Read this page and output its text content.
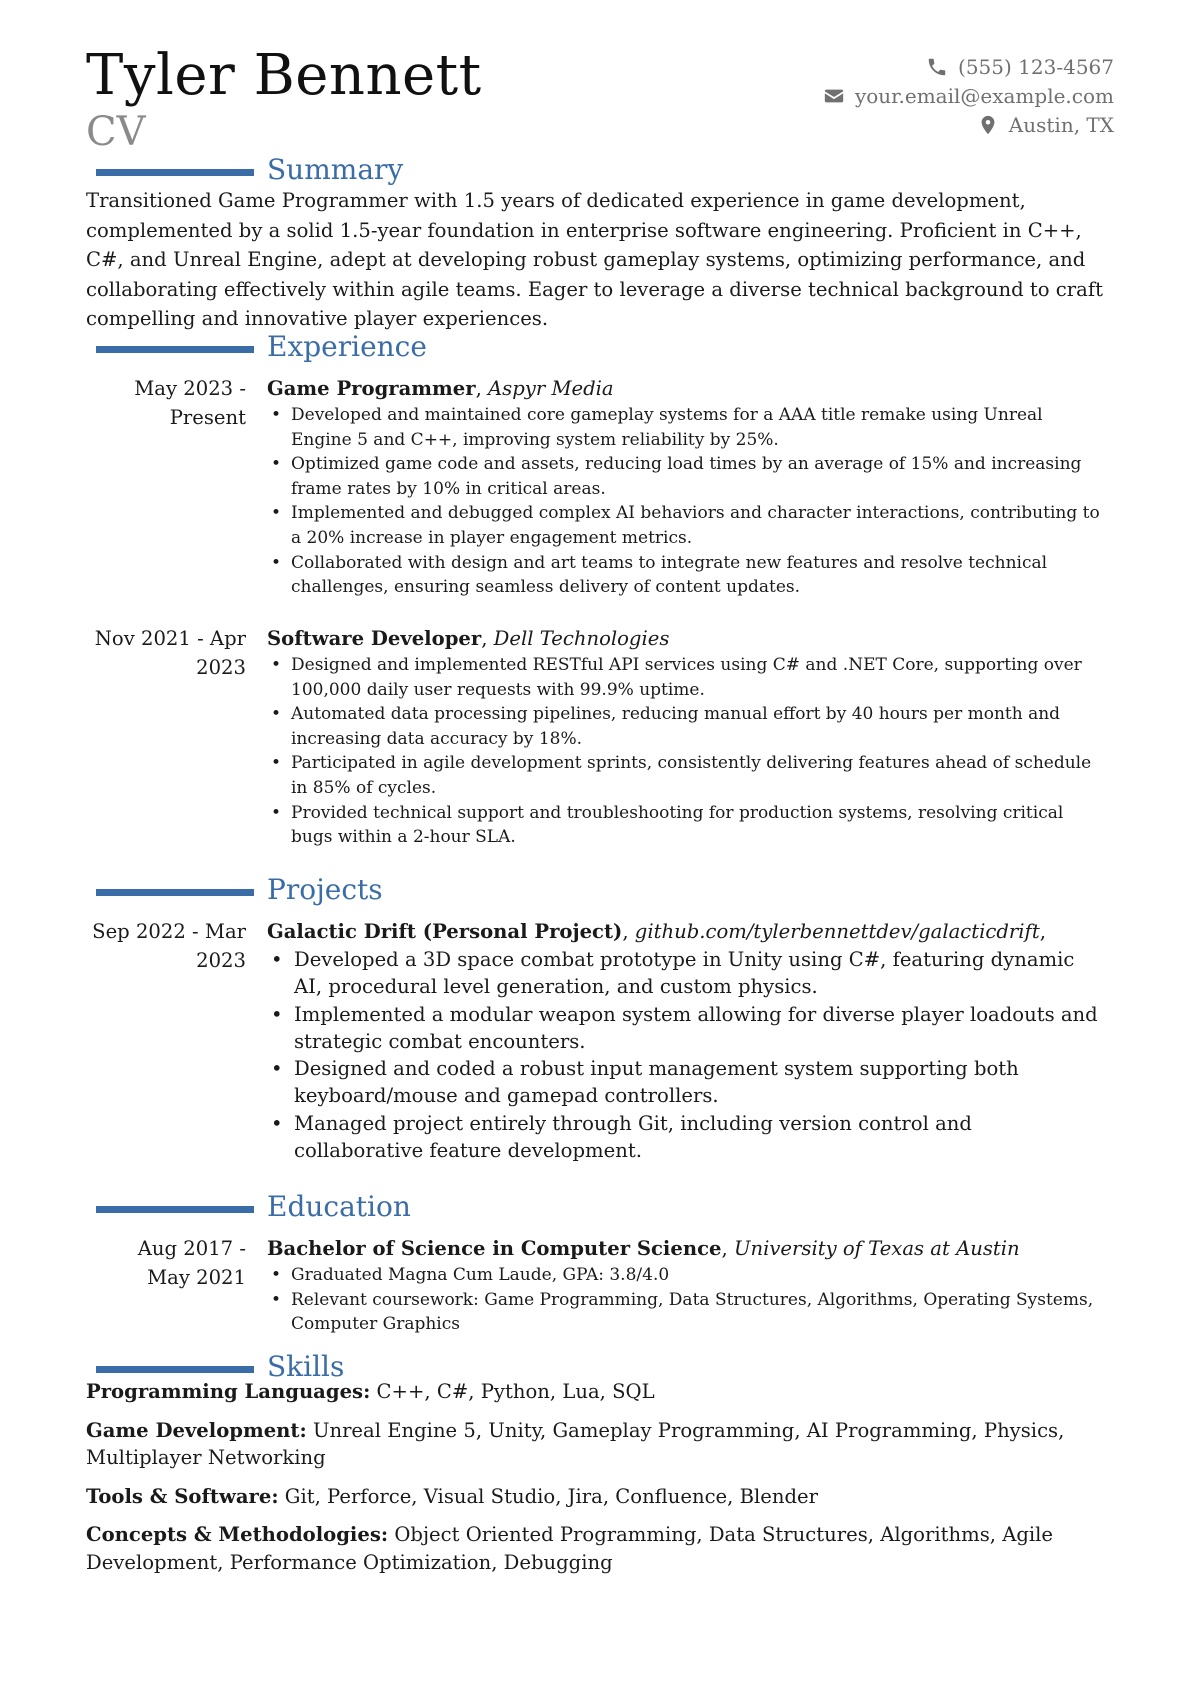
Tyler Bennett
CV
(555) 123-4567
your.email@example.com
Austin, TX
Summary

Transitioned Game Programmer with 1.5 years of dedicated experience in game development, complemented by a solid 1.5-year foundation in enterprise software engineering. Proficient in C++, C#, and Unreal Engine, adept at developing robust gameplay systems, optimizing performance, and collaborating effectively within agile teams. Eager to leverage a diverse technical background to craft compelling and innovative player experiences.

Experience
May 2023 -
Present
Game Programmer, Aspyr Media
• Developed and maintained core gameplay systems for a AAA title remake using Unreal Engine 5 and C++, improving system reliability by 25%.
• Optimized game code and assets, reducing load times by an average of 15% and increasing frame rates by 10% in critical areas.
• Implemented and debugged complex AI behaviors and character interactions, contributing to a 20% increase in player engagement metrics.
• Collaborated with design and art teams to integrate new features and resolve technical challenges, ensuring seamless delivery of content updates.
Nov 2021 - Apr
2023
Software Developer, Dell Technologies
• Designed and implemented RESTful API services using C# and .NET Core, supporting over 100,000 daily user requests with 99.9% uptime.
• Automated data processing pipelines, reducing manual effort by 40 hours per month and increasing data accuracy by 18%.
• Participated in agile development sprints, consistently delivering features ahead of schedule in 85% of cycles.
• Provided technical support and troubleshooting for production systems, resolving critical bugs within a 2-hour SLA.
Projects
Sep 2022 - Mar
2023
Galactic Drift (Personal Project), github.com/tylerbennettdev/galacticdrift,
• Developed a 3D space combat prototype in Unity using C#, featuring dynamic AI, procedural level generation, and custom physics.
• Implemented a modular weapon system allowing for diverse player loadouts and strategic combat encounters.
• Designed and coded a robust input management system supporting both keyboard/mouse and gamepad controllers.
• Managed project entirely through Git, including version control and collaborative feature development.
Education
Aug 2017 -
May 2021
Bachelor of Science in Computer Science, University of Texas at Austin
• Graduated Magna Cum Laude, GPA: 3.8/4.0
• Relevant coursework: Game Programming, Data Structures, Algorithms, Operating Systems, Computer Graphics
Skills

Programming Languages: C++, C#, Python, Lua, SQL

Game Development: Unreal Engine 5, Unity, Gameplay Programming, AI Programming, Physics, Multiplayer Networking

Tools & Software: Git, Perforce, Visual Studio, Jira, Confluence, Blender

Concepts & Methodologies: Object Oriented Programming, Data Structures, Algorithms, Agile Development, Performance Optimization, Debugging
